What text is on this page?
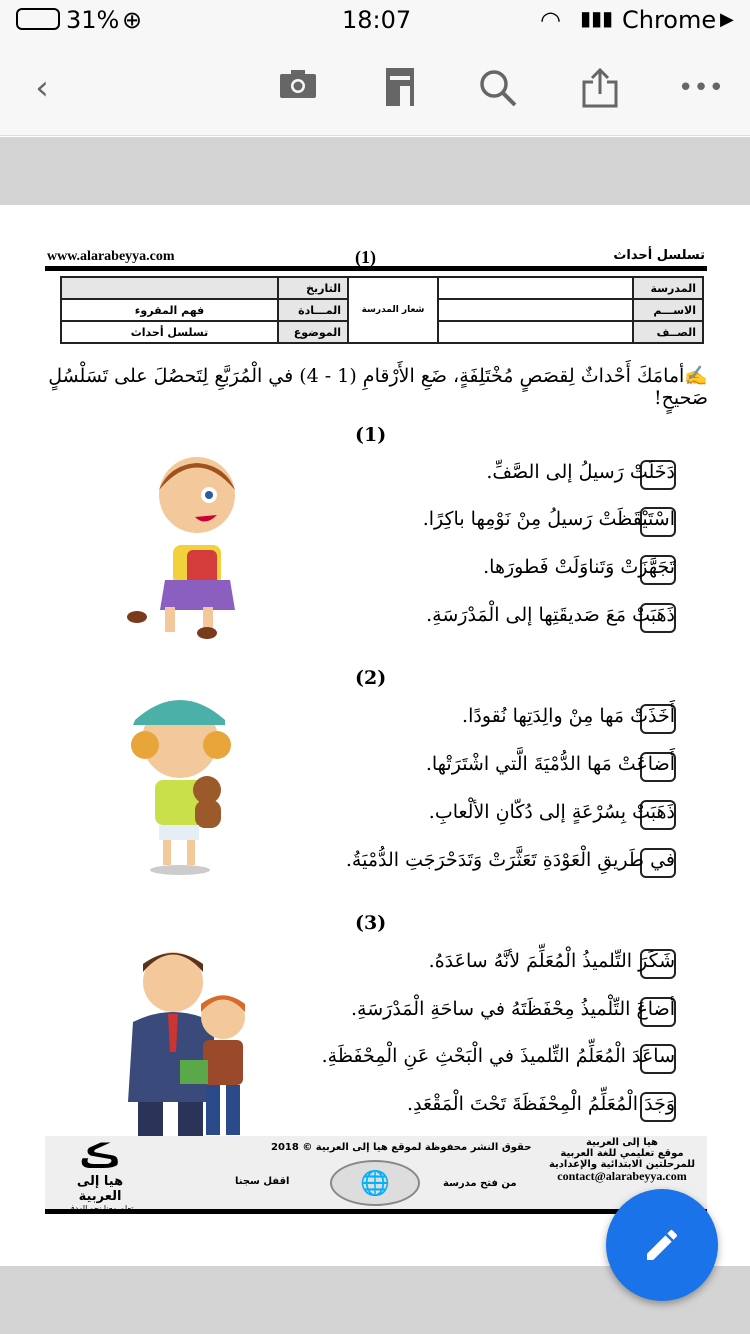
31% ⊕	18:07	◠ ▮▮▮ Chrome ▶
‹	•••
www.alarabeyya.com	(1)	تسلسل أحداث
المدرسة		شعار المدرسة	التاريخ	
الاســـم			المـــادة	فهم المقروء
الصــف			الموضوع	تسلسل أحداث
✍أمامَكَ أَحْداثٌ لِقصَصٍ مُخْتَلِفَةٍ، ضَعِ الأَرْقامِ (1 - 4) في الْمُرَبَّعِ لِتَحصُلَ على تَسَلْسُلٍ صَحيحٍ!
(1)
دَخَلَتْ رَسيلُ إلى الصَّفِّ.
اسْتَيْقَظَتْ رَسيلُ مِنْ نَوْمِها باكِرًا.
تَجَهَّزَتْ وَتَناوَلَتْ فَطورَها.
ذَهَبَتْ مَعَ صَديقَتِها إلى الْمَدْرَسَةِ.
(2)
أَخَذَتْ مَها مِنْ والِدَتِها نُقودًا.
أَضاعَتْ مَها الدُّمْيَةَ الَّتي اشْتَرَتْها.
ذَهَبَتْ بِسُرْعَةٍ إلى دُكّانِ الألْعابِ.
في طَريقِ الْعَوْدَةِ تَعَثَّرَتْ وَتَدَحْرَجَتِ الدُّمْيَةُ.
(3)
شَكَرَ التِّلميذُ الْمُعَلِّمَ لأنَّهُ ساعَدَهُ.
أضاعَ التِّلْميذُ مِحْفَظَتَهُ في ساحَةِ الْمَدْرَسَةِ.
ساعَدَ الْمُعَلِّمُ التِّلميذَ في الْبَحْثِ عَنِ الْمِحْفَظَةِ.
وَجَدَ الْمُعَلِّمُ الْمِحْفَظَةَ تَحْتَ الْمَقْعَدِ.
ڪ
هيا إلى العربية
تعلم معنا نحو الهدف
حقوق النشر محفوظة لموقع هيا إلى العربية © 2018
اقفل سجنا	🌐	من فتح مدرسة
هيا إلى العربية
موقع تعليمي للغة العربية
للمرحلتين الابتدائية والإعدادية
contact@alarabeyya.com
